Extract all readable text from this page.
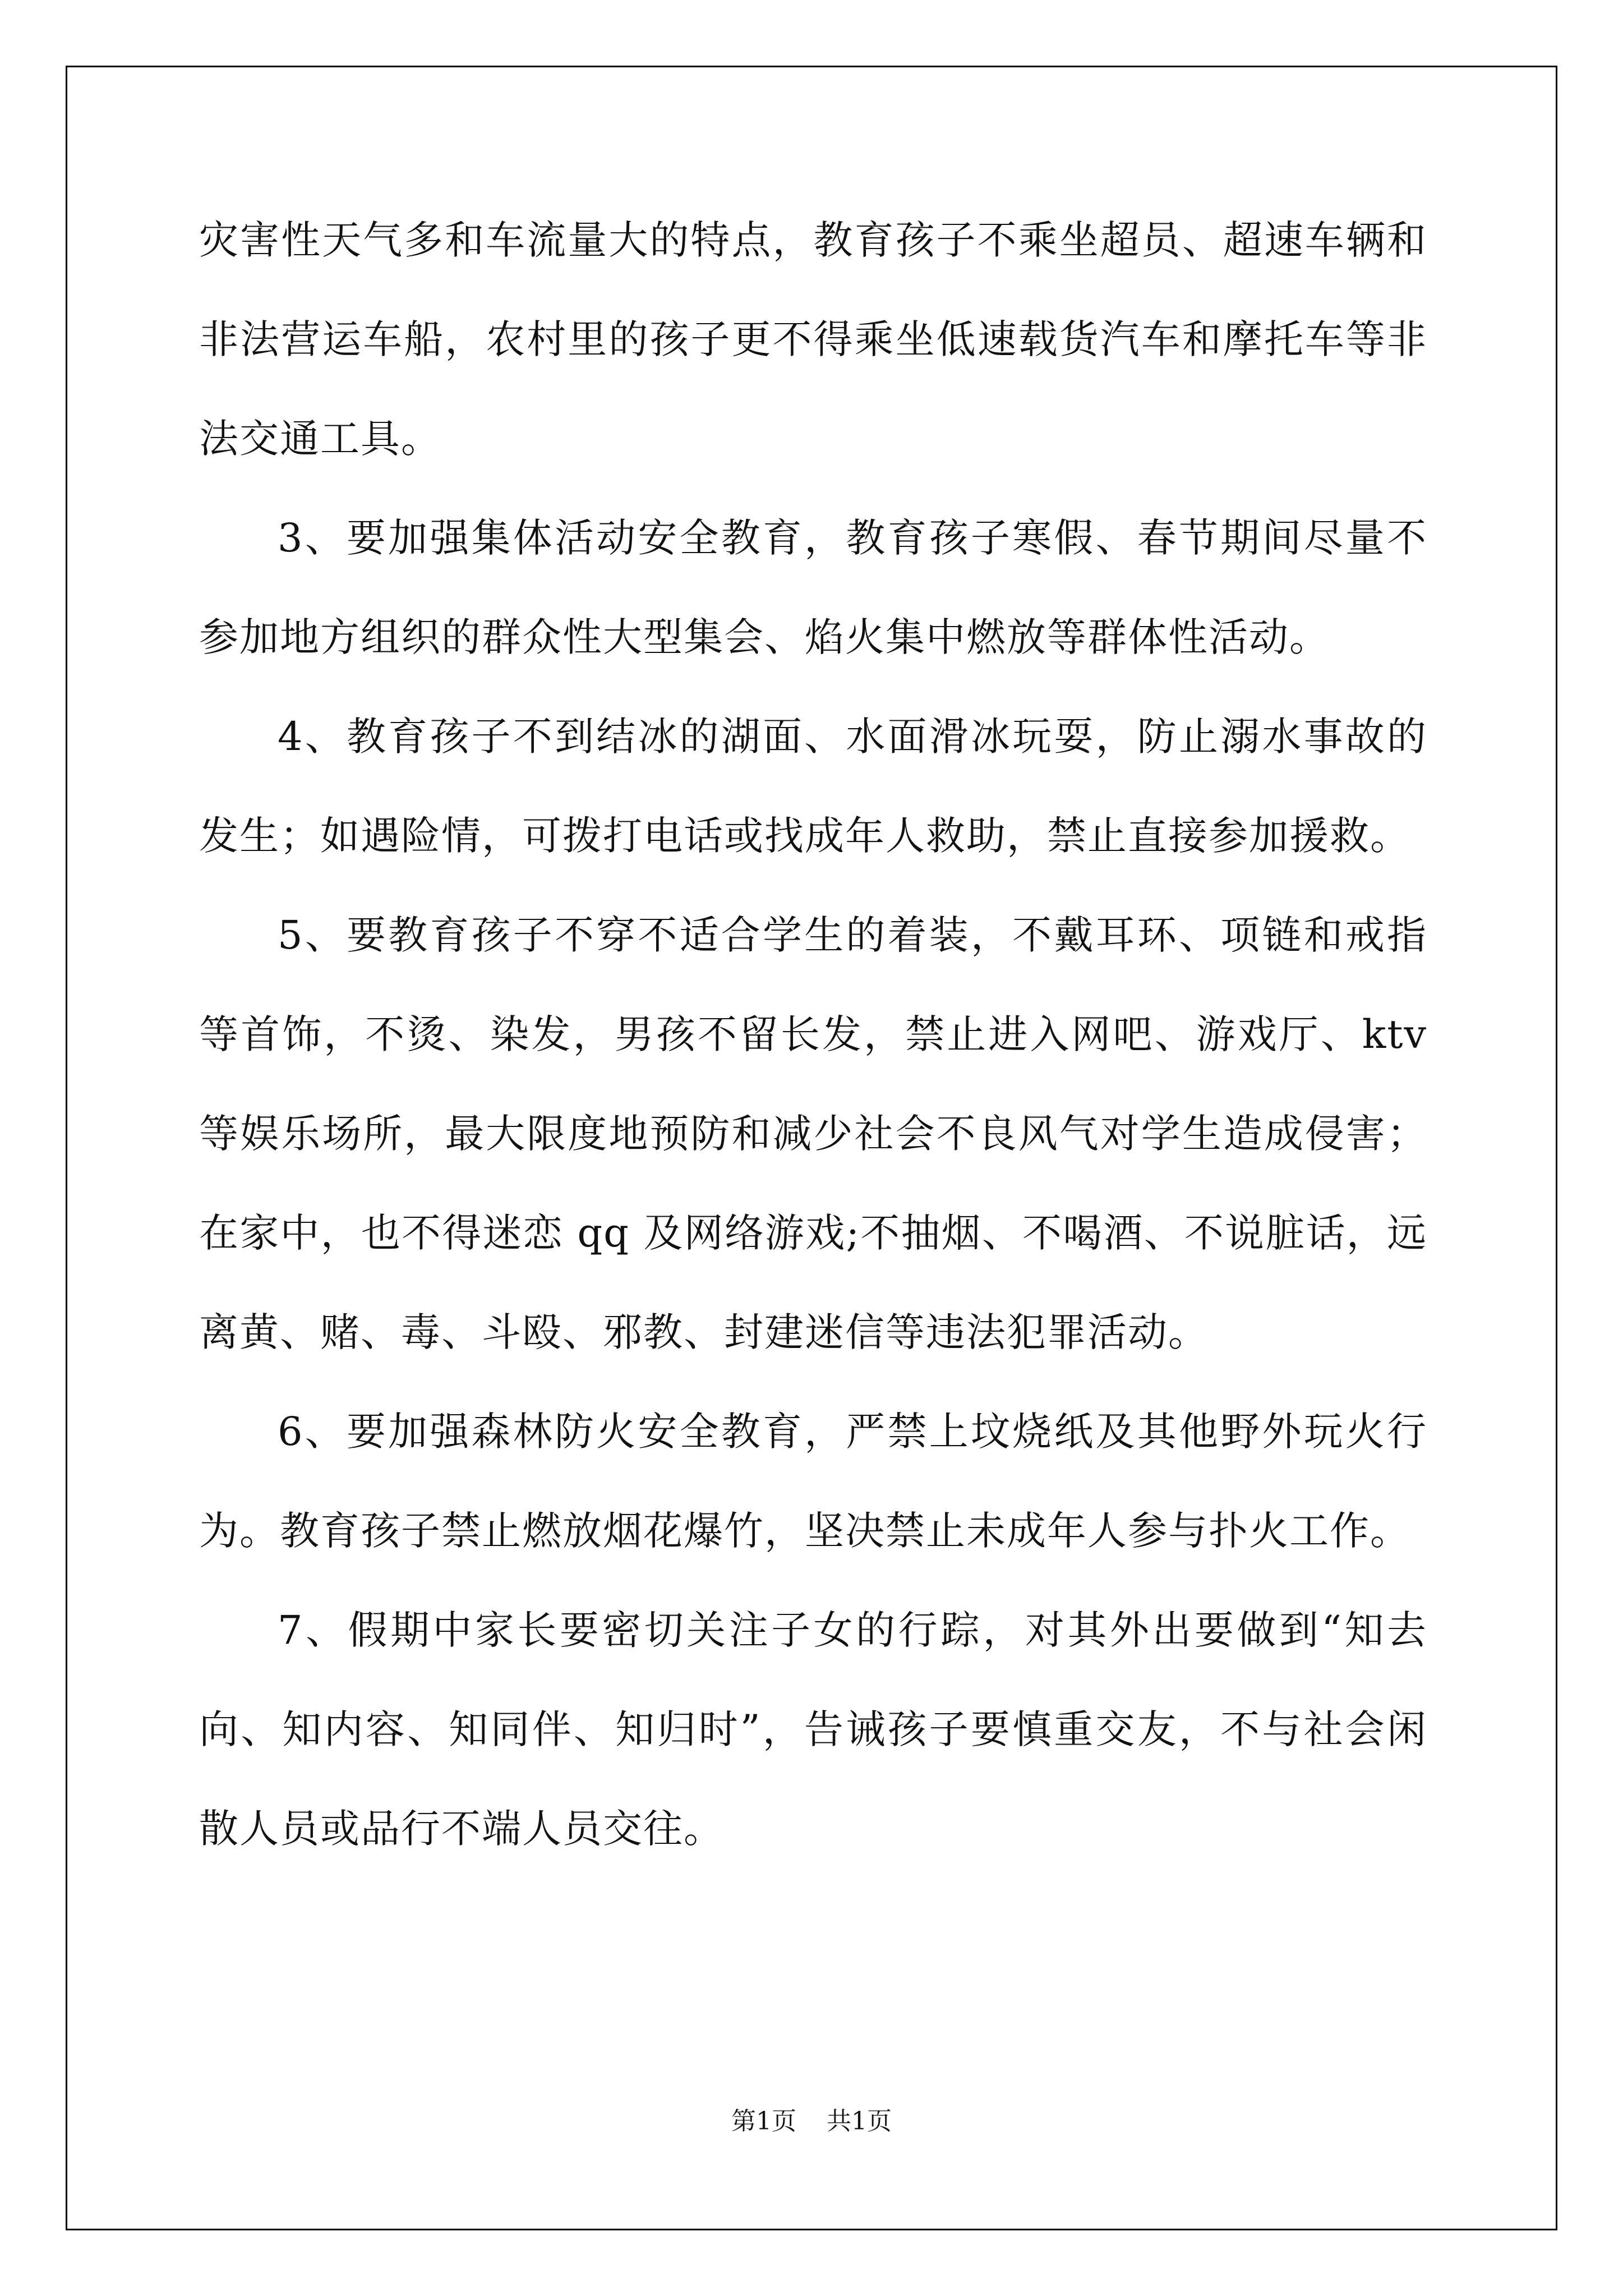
灾害性天气多和车流量大的特点，教育孩子不乘坐超员、超速车辆和非法营运车船，农村里的孩子更不得乘坐低速载货汽车和摩托车等非法交通工具。

3、要加强集体活动安全教育，教育孩子寒假、春节期间尽量不参加地方组织的群众性大型集会、焰火集中燃放等群体性活动。

4、教育孩子不到结冰的湖面、水面滑冰玩耍，防止溺水事故的发生；如遇险情，可拨打电话或找成年人救助，禁止直接参加援救。

5、要教育孩子不穿不适合学生的着装，不戴耳环、项链和戒指等首饰，不烫、染发，男孩不留长发，禁止进入网吧、游戏厅、ktv 等娱乐场所，最大限度地预防和减少社会不良风气对学生造成侵害；在家中，也不得迷恋 qq 及网络游戏;不抽烟、不喝酒、不说脏话，远离黄、赌、毒、斗殴、邪教、封建迷信等违法犯罪活动。

6、要加强森林防火安全教育，严禁上坟烧纸及其他野外玩火行为。教育孩子禁止燃放烟花爆竹，坚决禁止未成年人参与扑火工作。

7、假期中家长要密切关注子女的行踪，对其外出要做到“知去向、知内容、知同伴、知归时”，告诫孩子要慎重交友，不与社会闲散人员或品行不端人员交往。

第1页 共1页
